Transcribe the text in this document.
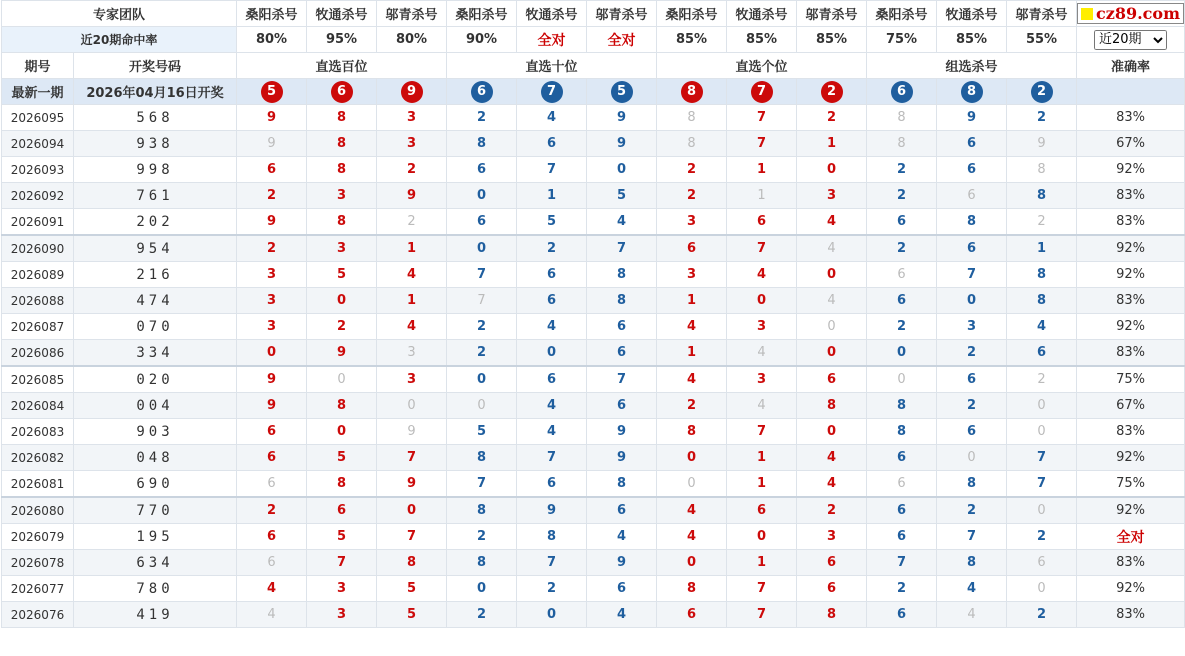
专家团队		桑阳杀号	牧通杀号	邬青杀号	桑阳杀号	牧通杀号	邬青杀号	桑阳杀号	牧通杀号	邬青杀号	桑阳杀号	牧通杀号	邬青杀号	cz89.com

近20期命中率		80%	95%	80%	90%	全对	全对	85%	85%	85%	75%	85%	55%	
近20期
期号	开奖号码	直选百位			直选十位			直选个位			组选杀号			准确率
最新一期	2026年04月16日开奖	5	6	9	6	7	5	8	7	2	6	8	2	
2026095	568	9	8	3	2	4	9	8	7	2	8	9	2	83%
2026094	938	9	8	3	8	6	9	8	7	1	8	6	9	67%
2026093	998	6	8	2	6	7	0	2	1	0	2	6	8	92%
2026092	761	2	3	9	0	1	5	2	1	3	2	6	8	83%
2026091	202	9	8	2	6	5	4	3	6	4	6	8	2	83%
2026090	954	2	3	1	0	2	7	6	7	4	2	6	1	92%
2026089	216	3	5	4	7	6	8	3	4	0	6	7	8	92%
2026088	474	3	0	1	7	6	8	1	0	4	6	0	8	83%
2026087	070	3	2	4	2	4	6	4	3	0	2	3	4	92%
2026086	334	0	9	3	2	0	6	1	4	0	0	2	6	83%
2026085	020	9	0	3	0	6	7	4	3	6	0	6	2	75%
2026084	004	9	8	0	0	4	6	2	4	8	8	2	0	67%
2026083	903	6	0	9	5	4	9	8	7	0	8	6	0	83%
2026082	048	6	5	7	8	7	9	0	1	4	6	0	7	92%
2026081	690	6	8	9	7	6	8	0	1	4	6	8	7	75%
2026080	770	2	6	0	8	9	6	4	6	2	6	2	0	92%
2026079	195	6	5	7	2	8	4	4	0	3	6	7	2	全对
2026078	634	6	7	8	8	7	9	0	1	6	7	8	6	83%
2026077	780	4	3	5	0	2	6	8	7	6	2	4	0	92%
2026076	419	4	3	5	2	0	4	6	7	8	6	4	2	83%
